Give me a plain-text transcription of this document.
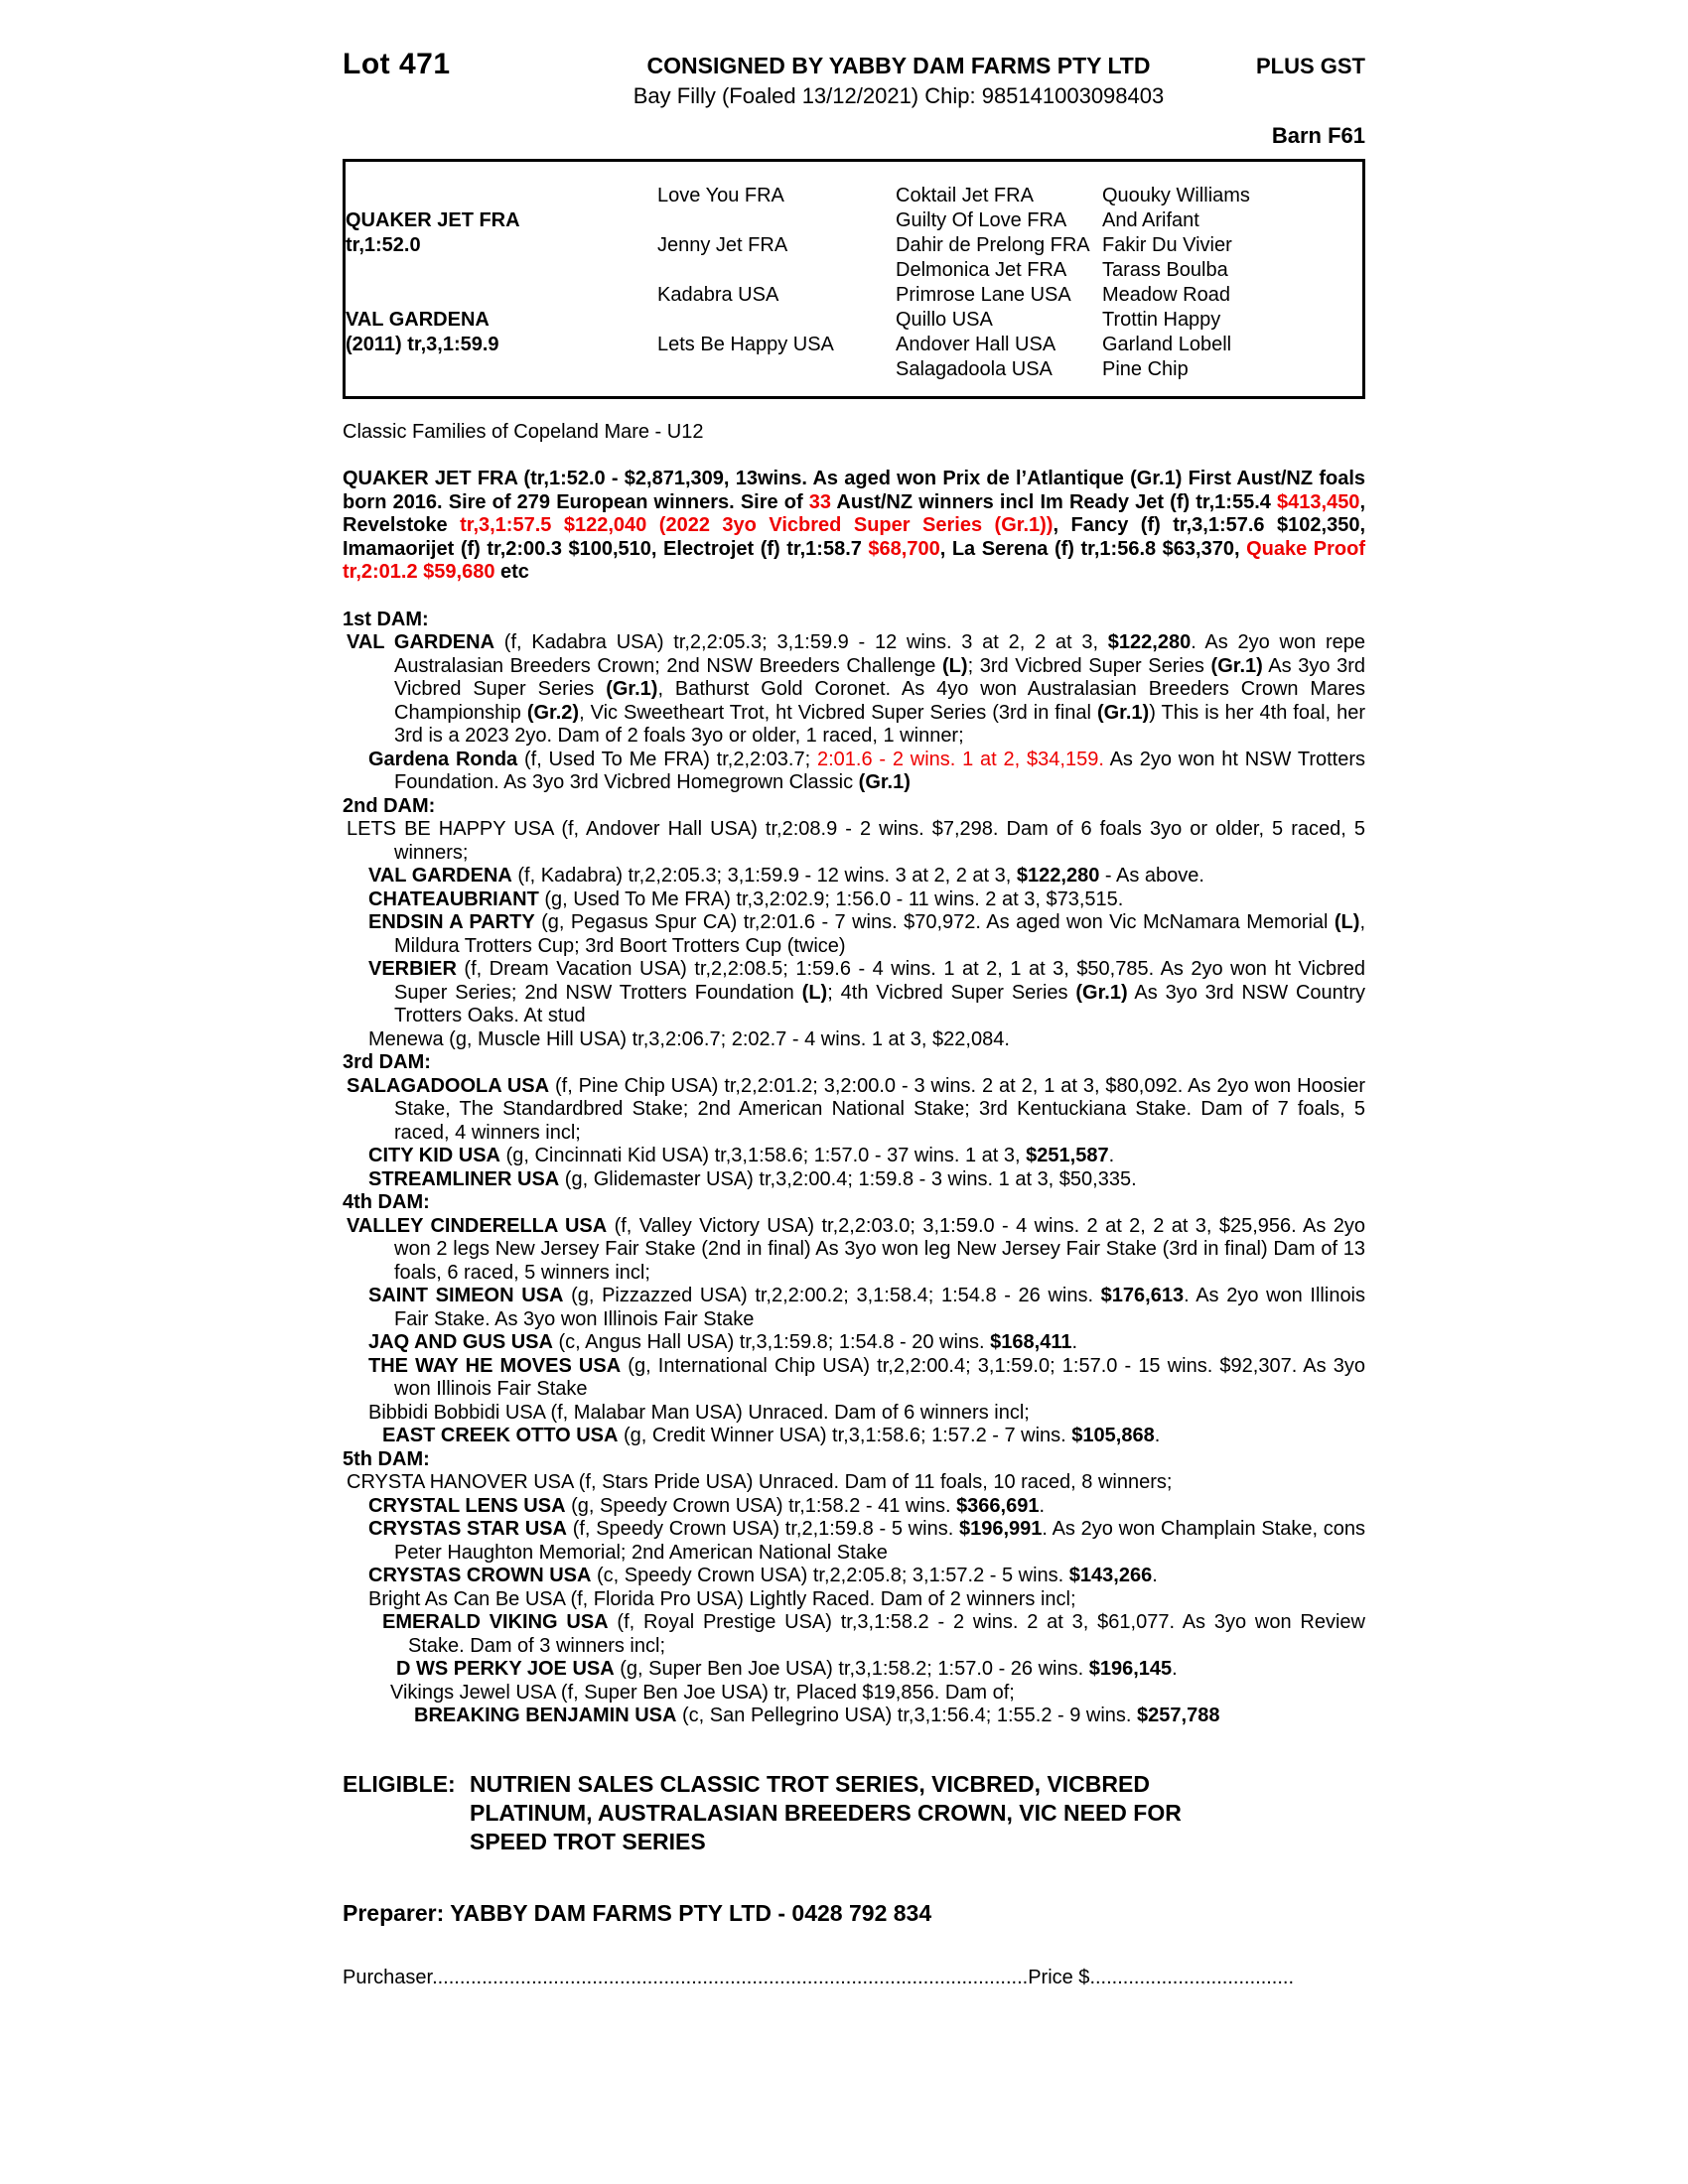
Lot 471	CONSIGNED BY YABBY DAM FARMS PTY LTD	PLUS GST
Bay Filly (Foaled 13/12/2021) Chip: 985141003098403
Barn F61
	Love You FRA	Coktail Jet FRA	Quouky Williams
QUAKER JET FRA		Guilty Of Love FRA	And Arifant
tr,1:52.0	Jenny Jet FRA	Dahir de Prelong FRA	Fakir Du Vivier
		Delmonica Jet FRA	Tarass Boulba
	Kadabra USA	Primrose Lane USA	Meadow Road
VAL GARDENA		Quillo USA	Trottin Happy
(2011) tr,3,1:59.9	Lets Be Happy USA	Andover Hall USA	Garland Lobell
		Salagadoola USA	Pine Chip
Classic Families of Copeland Mare - U12

QUAKER JET FRA (tr,1:52.0 - $2,871,309, 13wins. As aged won Prix de l’Atlantique (Gr.1) First Aust/NZ foals born 2016. Sire of 279 European winners. Sire of 33 Aust/NZ winners incl Im Ready Jet (f) tr,1:55.4 $413,450, Revelstoke tr,3,1:57.5 $122,040 (2022 3yo Vicbred Super Series (Gr.1)), Fancy (f) tr,3,1:57.6 $102,350, Imamaorijet (f) tr,2:00.3 $100,510, Electrojet (f) tr,1:58.7 $68,700, La Serena (f) tr,1:56.8 $63,370, Quake Proof tr,2:01.2 $59,680 etc

1st DAM:

VAL GARDENA (f, Kadabra USA) tr,2,2:05.3; 3,1:59.9 - 12 wins. 3 at 2, 2 at 3, $122,280. As 2yo won repe Australasian Breeders Crown; 2nd NSW Breeders Challenge (L); 3rd Vicbred Super Series (Gr.1) As 3yo 3rd Vicbred Super Series (Gr.1), Bathurst Gold Coronet. As 4yo won Australasian Breeders Crown Mares Championship (Gr.2), Vic Sweetheart Trot, ht Vicbred Super Series (3rd in final (Gr.1)) This is her 4th foal, her 3rd is a 2023 2yo. Dam of 2 foals 3yo or older, 1 raced, 1 winner;

Gardena Ronda (f, Used To Me FRA) tr,2,2:03.7; 2:01.6 - 2 wins. 1 at 2, $34,159. As 2yo won ht NSW Trotters Foundation. As 3yo 3rd Vicbred Homegrown Classic (Gr.1)

2nd DAM:

LETS BE HAPPY USA (f, Andover Hall USA) tr,2:08.9 - 2 wins. $7,298. Dam of 6 foals 3yo or older, 5 raced, 5 winners;

VAL GARDENA (f, Kadabra) tr,2,2:05.3; 3,1:59.9 - 12 wins. 3 at 2, 2 at 3, $122,280 - As above.

CHATEAUBRIANT (g, Used To Me FRA) tr,3,2:02.9; 1:56.0 - 11 wins. 2 at 3, $73,515.

ENDSIN A PARTY (g, Pegasus Spur CA) tr,2:01.6 - 7 wins. $70,972. As aged won Vic McNamara Memorial (L), Mildura Trotters Cup; 3rd Boort Trotters Cup (twice)

VERBIER (f, Dream Vacation USA) tr,2,2:08.5; 1:59.6 - 4 wins. 1 at 2, 1 at 3, $50,785. As 2yo won ht Vicbred Super Series; 2nd NSW Trotters Foundation (L); 4th Vicbred Super Series (Gr.1) As 3yo 3rd NSW Country Trotters Oaks. At stud

Menewa (g, Muscle Hill USA) tr,3,2:06.7; 2:02.7 - 4 wins. 1 at 3, $22,084.

3rd DAM:

SALAGADOOLA USA (f, Pine Chip USA) tr,2,2:01.2; 3,2:00.0 - 3 wins. 2 at 2, 1 at 3, $80,092. As 2yo won Hoosier Stake, The Standardbred Stake; 2nd American National Stake; 3rd Kentuckiana Stake. Dam of 7 foals, 5 raced, 4 winners incl;

CITY KID USA (g, Cincinnati Kid USA) tr,3,1:58.6; 1:57.0 - 37 wins. 1 at 3, $251,587.

STREAMLINER USA (g, Glidemaster USA) tr,3,2:00.4; 1:59.8 - 3 wins. 1 at 3, $50,335.

4th DAM:

VALLEY CINDERELLA USA (f, Valley Victory USA) tr,2,2:03.0; 3,1:59.0 - 4 wins. 2 at 2, 2 at 3, $25,956. As 2yo won 2 legs New Jersey Fair Stake (2nd in final) As 3yo won leg New Jersey Fair Stake (3rd in final) Dam of 13 foals, 6 raced, 5 winners incl;

SAINT SIMEON USA (g, Pizzazzed USA) tr,2,2:00.2; 3,1:58.4; 1:54.8 - 26 wins. $176,613. As 2yo won Illinois Fair Stake. As 3yo won Illinois Fair Stake

JAQ AND GUS USA (c, Angus Hall USA) tr,3,1:59.8; 1:54.8 - 20 wins. $168,411.

THE WAY HE MOVES USA (g, International Chip USA) tr,2,2:00.4; 3,1:59.0; 1:57.0 - 15 wins. $92,307. As 3yo won Illinois Fair Stake

Bibbidi Bobbidi USA (f, Malabar Man USA) Unraced. Dam of 6 winners incl;

EAST CREEK OTTO USA (g, Credit Winner USA) tr,3,1:58.6; 1:57.2 - 7 wins. $105,868.

5th DAM:

CRYSTA HANOVER USA (f, Stars Pride USA) Unraced. Dam of 11 foals, 10 raced, 8 winners;

CRYSTAL LENS USA (g, Speedy Crown USA) tr,1:58.2 - 41 wins. $366,691.

CRYSTAS STAR USA (f, Speedy Crown USA) tr,2,1:59.8 - 5 wins. $196,991. As 2yo won Champlain Stake, cons Peter Haughton Memorial; 2nd American National Stake

CRYSTAS CROWN USA (c, Speedy Crown USA) tr,2,2:05.8; 3,1:57.2 - 5 wins. $143,266.

Bright As Can Be USA (f, Florida Pro USA) Lightly Raced. Dam of 2 winners incl;

EMERALD VIKING USA (f, Royal Prestige USA) tr,3,1:58.2 - 2 wins. 2 at 3, $61,077. As 3yo won Review Stake. Dam of 3 winners incl;

D WS PERKY JOE USA (g, Super Ben Joe USA) tr,3,1:58.2; 1:57.0 - 26 wins. $196,145.

Vikings Jewel USA (f, Super Ben Joe USA) tr, Placed $19,856. Dam of;

BREAKING BENJAMIN USA (c, San Pellegrino USA) tr,3,1:56.4; 1:55.2 - 9 wins. $257,788

ELIGIBLE: NUTRIEN SALES CLASSIC TROT SERIES, VICBRED, VICBRED
PLATINUM, AUSTRALASIAN BREEDERS CROWN, VIC NEED FOR
SPEED TROT SERIES
Preparer: YABBY DAM FARMS PTY LTD - 0428 792 834
Purchaser............................................................................................................Price $.....................................
